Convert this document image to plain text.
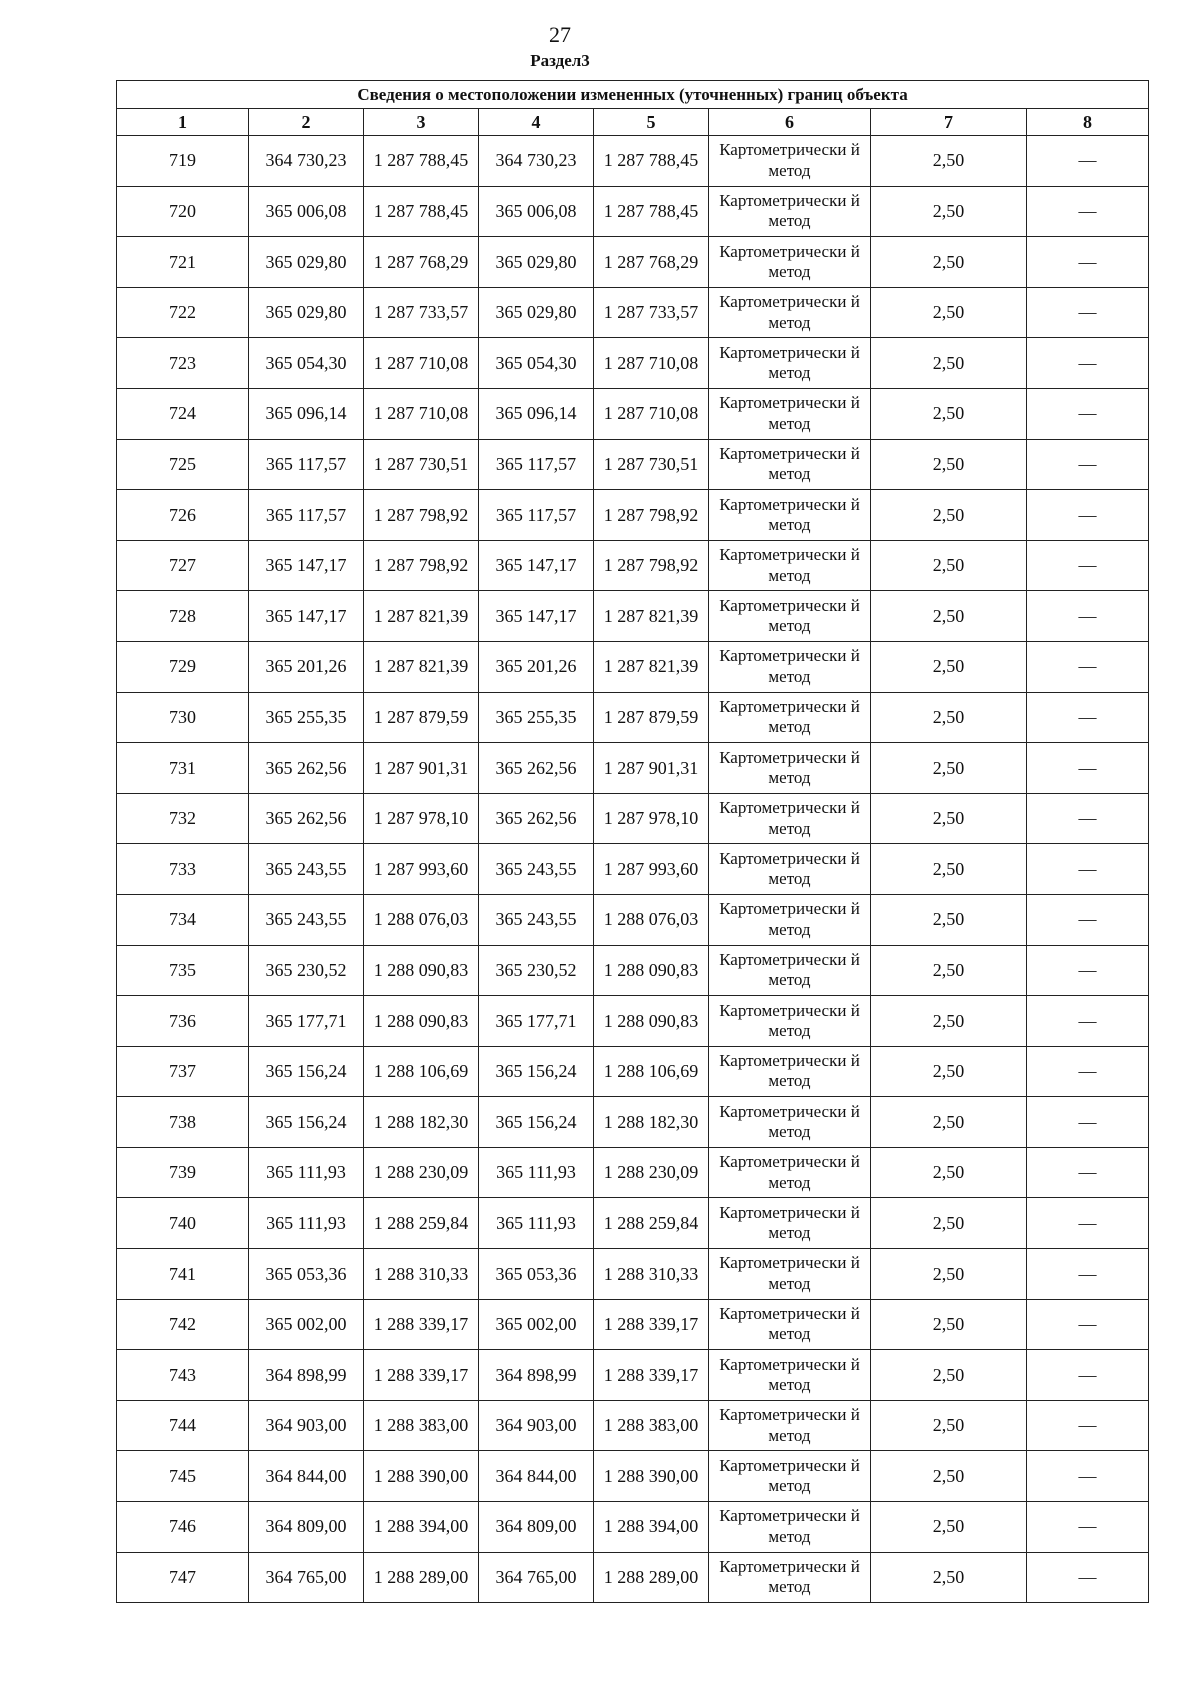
27
Раздел3
Сведения о местоположении измененных (уточненных) границ объекта							
1	2	3	4	5	6	7	8
719	364 730,23	1 287 788,45	364 730,23	1 287 788,45	Картометрически й метод	2,50	—
720	365 006,08	1 287 788,45	365 006,08	1 287 788,45	Картометрически й метод	2,50	—
721	365 029,80	1 287 768,29	365 029,80	1 287 768,29	Картометрически й метод	2,50	—
722	365 029,80	1 287 733,57	365 029,80	1 287 733,57	Картометрически й метод	2,50	—
723	365 054,30	1 287 710,08	365 054,30	1 287 710,08	Картометрически й метод	2,50	—
724	365 096,14	1 287 710,08	365 096,14	1 287 710,08	Картометрически й метод	2,50	—
725	365 117,57	1 287 730,51	365 117,57	1 287 730,51	Картометрически й метод	2,50	—
726	365 117,57	1 287 798,92	365 117,57	1 287 798,92	Картометрически й метод	2,50	—
727	365 147,17	1 287 798,92	365 147,17	1 287 798,92	Картометрически й метод	2,50	—
728	365 147,17	1 287 821,39	365 147,17	1 287 821,39	Картометрически й метод	2,50	—
729	365 201,26	1 287 821,39	365 201,26	1 287 821,39	Картометрически й метод	2,50	—
730	365 255,35	1 287 879,59	365 255,35	1 287 879,59	Картометрически й метод	2,50	—
731	365 262,56	1 287 901,31	365 262,56	1 287 901,31	Картометрически й метод	2,50	—
732	365 262,56	1 287 978,10	365 262,56	1 287 978,10	Картометрически й метод	2,50	—
733	365 243,55	1 287 993,60	365 243,55	1 287 993,60	Картометрически й метод	2,50	—
734	365 243,55	1 288 076,03	365 243,55	1 288 076,03	Картометрически й метод	2,50	—
735	365 230,52	1 288 090,83	365 230,52	1 288 090,83	Картометрически й метод	2,50	—
736	365 177,71	1 288 090,83	365 177,71	1 288 090,83	Картометрически й метод	2,50	—
737	365 156,24	1 288 106,69	365 156,24	1 288 106,69	Картометрически й метод	2,50	—
738	365 156,24	1 288 182,30	365 156,24	1 288 182,30	Картометрически й метод	2,50	—
739	365 111,93	1 288 230,09	365 111,93	1 288 230,09	Картометрически й метод	2,50	—
740	365 111,93	1 288 259,84	365 111,93	1 288 259,84	Картометрически й метод	2,50	—
741	365 053,36	1 288 310,33	365 053,36	1 288 310,33	Картометрически й метод	2,50	—
742	365 002,00	1 288 339,17	365 002,00	1 288 339,17	Картометрически й метод	2,50	—
743	364 898,99	1 288 339,17	364 898,99	1 288 339,17	Картометрически й метод	2,50	—
744	364 903,00	1 288 383,00	364 903,00	1 288 383,00	Картометрически й метод	2,50	—
745	364 844,00	1 288 390,00	364 844,00	1 288 390,00	Картометрически й метод	2,50	—
746	364 809,00	1 288 394,00	364 809,00	1 288 394,00	Картометрически й метод	2,50	—
747	364 765,00	1 288 289,00	364 765,00	1 288 289,00	Картометрически й метод	2,50	—
